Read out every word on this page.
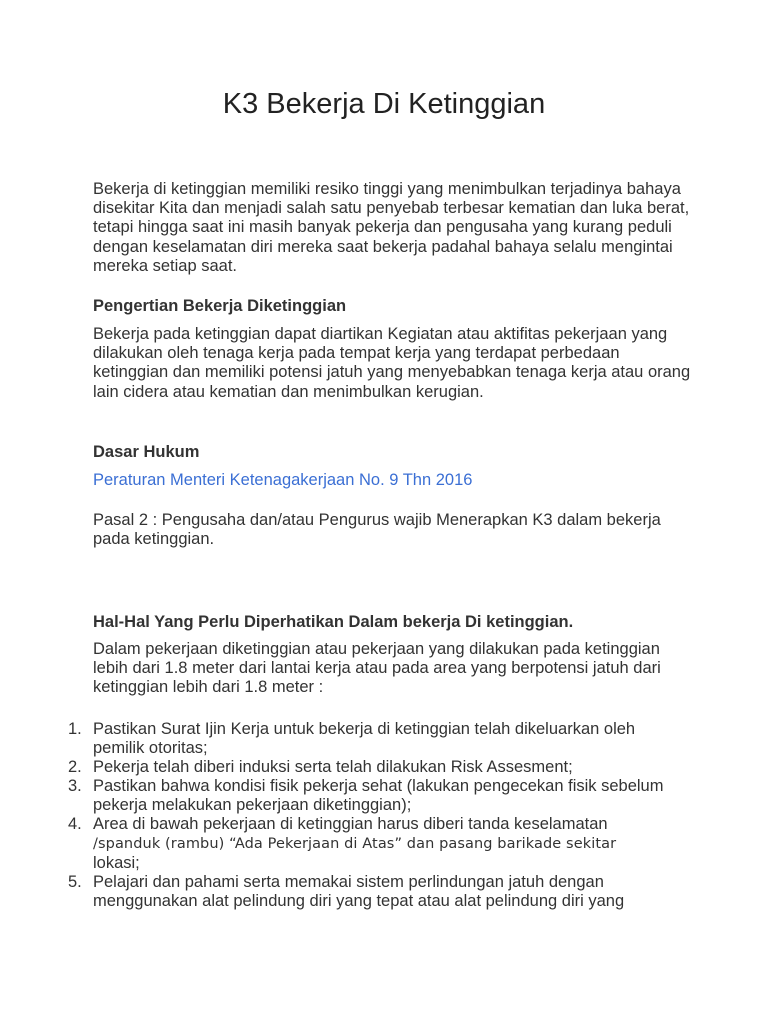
K3 Bekerja Di Ketinggian

Bekerja di ketinggian memiliki resiko tinggi yang menimbulkan terjadinya bahaya disekitar Kita dan menjadi salah satu penyebab terbesar kematian dan luka berat, tetapi hingga saat ini masih banyak pekerja dan pengusaha yang kurang peduli dengan keselamatan diri mereka saat bekerja padahal bahaya selalu mengintai mereka setiap saat.

Pengertian Bekerja Diketinggian

Bekerja pada ketinggian dapat diartikan Kegiatan atau aktifitas pekerjaan yang dilakukan oleh tenaga kerja pada tempat kerja yang terdapat perbedaan ketinggian dan memiliki potensi jatuh yang menyebabkan tenaga kerja atau orang lain cidera atau kematian dan menimbulkan kerugian.

Dasar Hukum

Peraturan Menteri Ketenagakerjaan No. 9 Thn 2016

Pasal 2 : Pengusaha dan/atau Pengurus wajib Menerapkan K3 dalam bekerja pada ketinggian.

Hal-Hal Yang Perlu Diperhatikan Dalam bekerja Di ketinggian.

Dalam pekerjaan diketinggian atau pekerjaan yang dilakukan pada ketinggian lebih dari 1.8 meter dari lantai kerja atau pada area yang berpotensi jatuh dari ketinggian lebih dari 1.8 meter :

1. Pastikan Surat Ijin Kerja untuk bekerja di ketinggian telah dikeluarkan oleh pemilik otoritas;
2. Pekerja telah diberi induksi serta telah dilakukan Risk Assesment;
3. Pastikan bahwa kondisi fisik pekerja sehat (lakukan pengecekan fisik sebelum pekerja melakukan pekerjaan diketinggian);
4. Area di bawah pekerjaan di ketinggian harus diberi tanda keselamatan
/spanduk (rambu) “Ada Pekerjaan di Atas” dan pasang barikade sekitar
lokasi;
5. Pelajari dan pahami serta memakai sistem perlindungan jatuh dengan menggunakan alat pelindung diri yang tepat atau alat pelindung diri yang
